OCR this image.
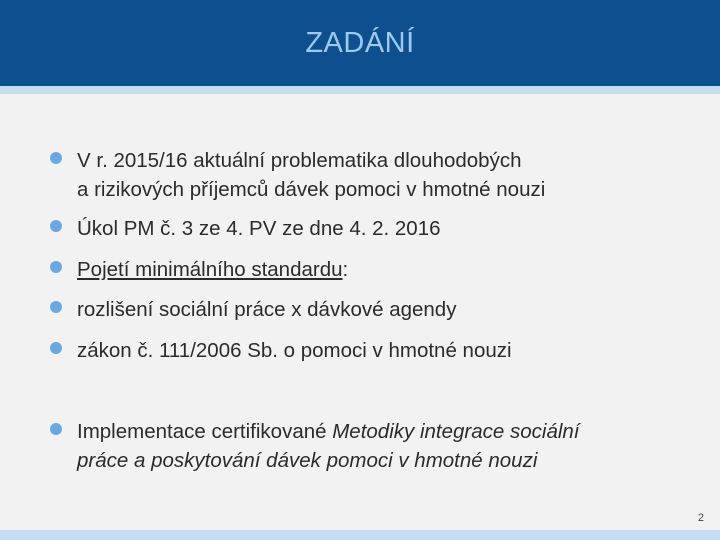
ZADÁNÍ
V r. 2015/16 aktuální problematika dlouhodobých
a rizikových příjemců dávek pomoci v hmotné nouzi
Úkol PM č. 3 ze 4. PV ze dne 4. 2. 2016
Pojetí minimálního standardu:
rozlišení sociální práce x dávkové agendy
zákon č. 111/2006 Sb. o pomoci v hmotné nouzi
Implementace certifikované Metodiky integrace sociální
práce a poskytování dávek pomoci v hmotné nouzi
2
